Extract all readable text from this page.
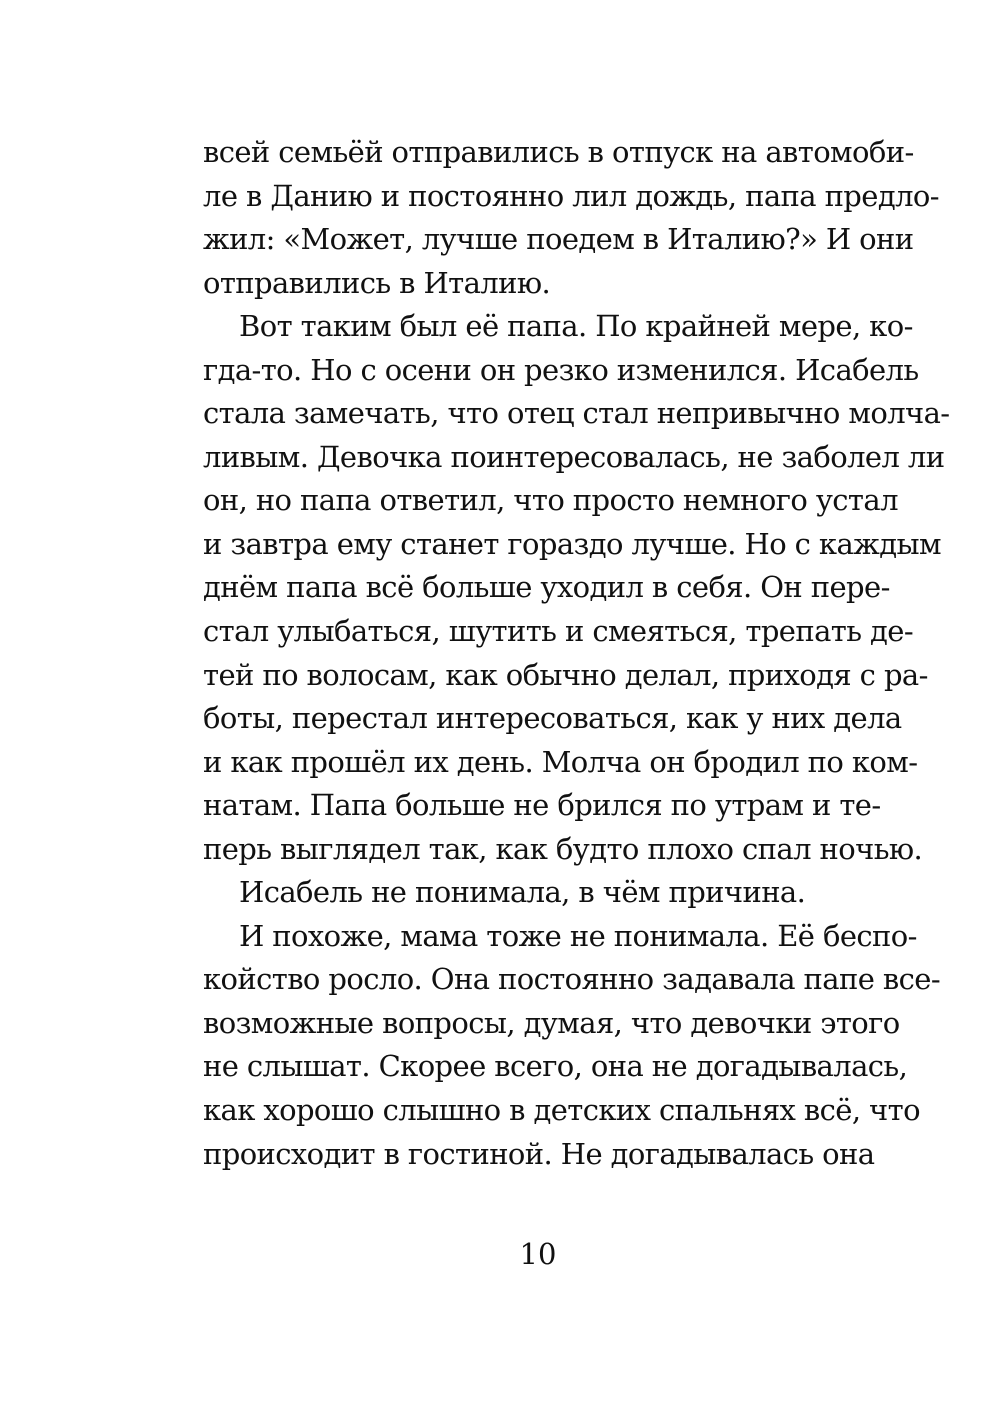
всей семьёй отправились в отпуск на автомоби-
ле в Данию и постоянно лил дождь, папа предло-
жил: «Может, лучше поедем в Италию?» И они
отправились в Италию.
Вот таким был её папа. По крайней мере, ко-
гда-то. Но с осени он резко изменился. Исабель
стала замечать, что отец стал непривычно молча-
ливым. Девочка поинтересовалась, не заболел ли
он, но папа ответил, что просто немного устал
и завтра ему станет гораздо лучше. Но с каждым
днём папа всё больше уходил в себя. Он пере-
стал улыбаться, шутить и смеяться, трепать де-
тей по волосам, как обычно делал, приходя с ра-
боты, перестал интересоваться, как у них дела
и как прошёл их день. Молча он бродил по ком-
натам. Папа больше не брился по утрам и те-
перь выглядел так, как будто плохо спал ночью.
Исабель не понимала, в чём причина.
И похоже, мама тоже не понимала. Её беспо-
койство росло. Она постоянно задавала папе все-
возможные вопросы, думая, что девочки этого
не слышат. Скорее всего, она не догадывалась,
как хорошо слышно в детских спальнях всё, что
происходит в гостиной. Не догадывалась она
10
